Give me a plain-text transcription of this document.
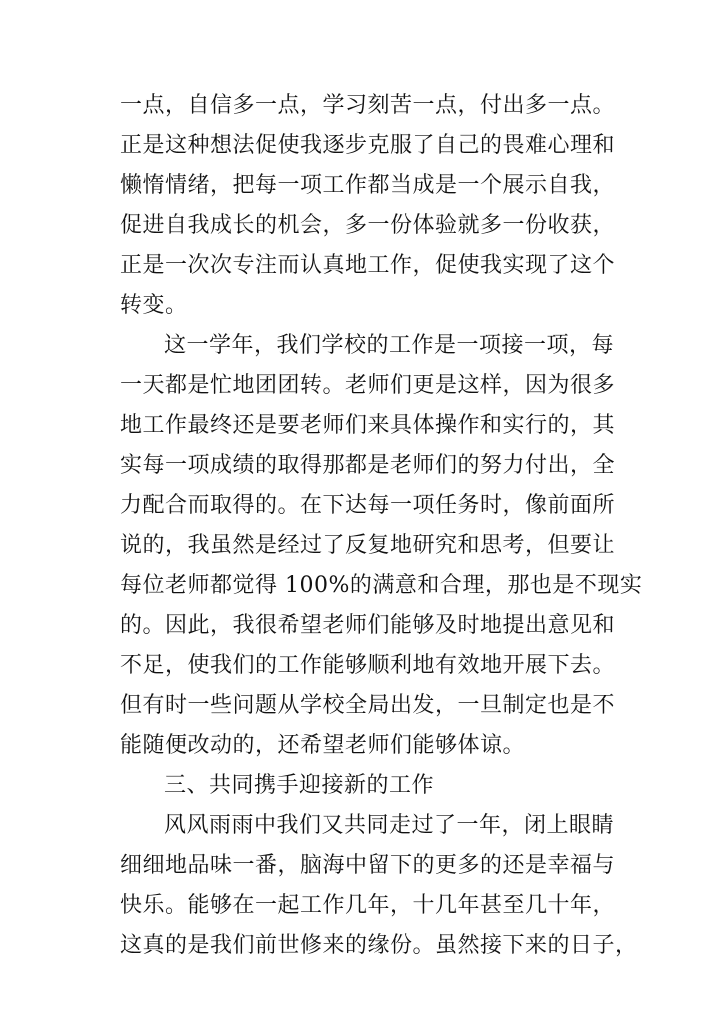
一点，自信多一点，学习刻苦一点，付出多一点。
正是这种想法促使我逐步克服了自己的畏难心理和
懒惰情绪，把每一项工作都当成是一个展示自我，
促进自我成长的机会，多一份体验就多一份收获，
正是一次次专注而认真地工作，促使我实现了这个
转变。
这一学年，我们学校的工作是一项接一项，每
一天都是忙地团团转。老师们更是这样，因为很多
地工作最终还是要老师们来具体操作和实行的，其
实每一项成绩的取得那都是老师们的努力付出，全
力配合而取得的。在下达每一项任务时，像前面所
说的，我虽然是经过了反复地研究和思考，但要让
每位老师都觉得 100%的满意和合理，那也是不现实
的。因此，我很希望老师们能够及时地提出意见和
不足，使我们的工作能够顺利地有效地开展下去。
但有时一些问题从学校全局出发，一旦制定也是不
能随便改动的，还希望老师们能够体谅。
三、共同携手迎接新的工作
风风雨雨中我们又共同走过了一年，闭上眼睛
细细地品味一番，脑海中留下的更多的还是幸福与
快乐。能够在一起工作几年，十几年甚至几十年，
这真的是我们前世修来的缘份。虽然接下来的日子，
